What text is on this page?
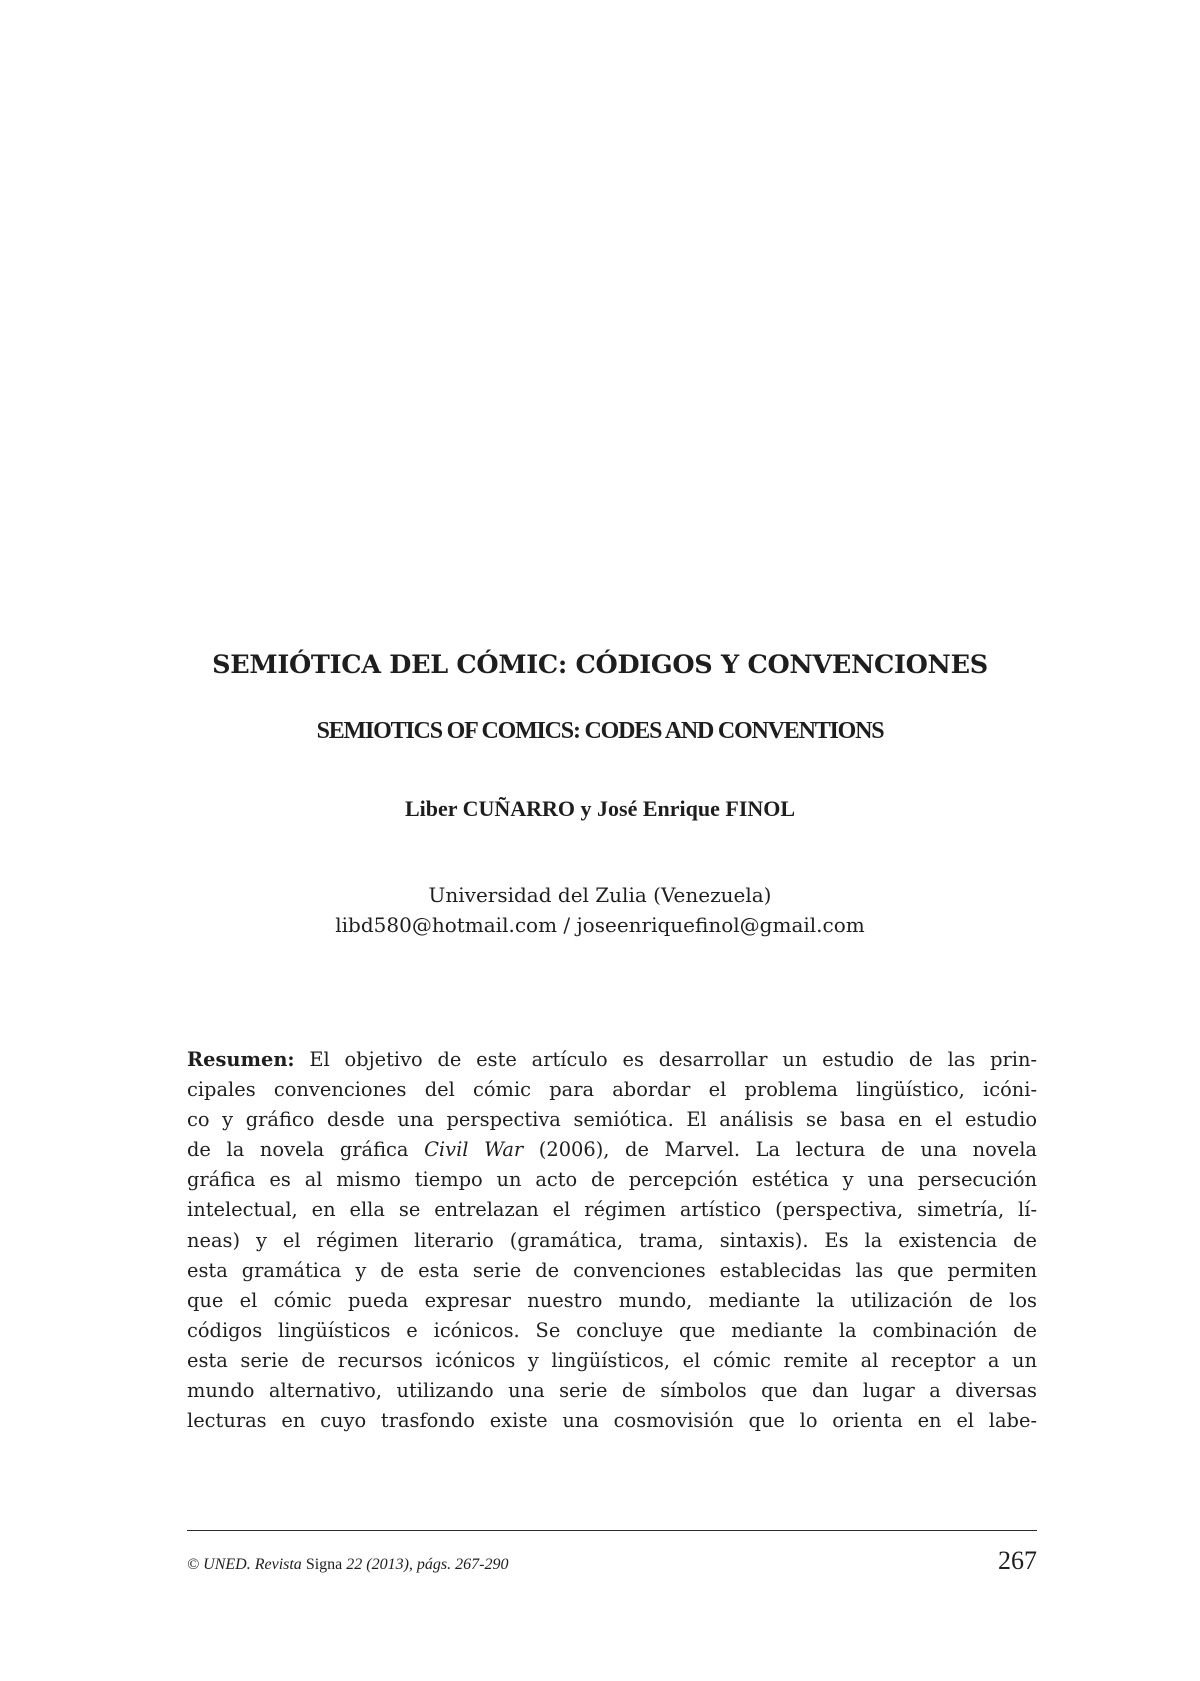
SEMIÓTICA DEL CÓMIC: CÓDIGOS Y CONVENCIONES
SEMIOTICS OF COMICS: CODES AND CONVENTIONS
Liber CUÑARRO y José Enrique FINOL
Universidad del Zulia (Venezuela)
libd580@hotmail.com / joseenriquefinol@gmail.com
Resumen: El objetivo de este artículo es desarrollar un estudio de las prin-
cipales convenciones del cómic para abordar el problema lingüístico, icóni-
co y gráfico desde una perspectiva semiótica. El análisis se basa en el estudio
de la novela gráfica Civil War (2006), de Marvel. La lectura de una novela
gráfica es al mismo tiempo un acto de percepción estética y una persecución
intelectual, en ella se entrelazan el régimen artístico (perspectiva, simetría, lí-
neas) y el régimen literario (gramática, trama, sintaxis). Es la existencia de
esta gramática y de esta serie de convenciones establecidas las que permiten
que el cómic pueda expresar nuestro mundo, mediante la utilización de los
códigos lingüísticos e icónicos. Se concluye que mediante la combinación de
esta serie de recursos icónicos y lingüísticos, el cómic remite al receptor a un
mundo alternativo, utilizando una serie de símbolos que dan lugar a diversas
lecturas en cuyo trasfondo existe una cosmovisión que lo orienta en el labe-
© UNED. Revista Signa 22 (2013), págs. 267-290	267
